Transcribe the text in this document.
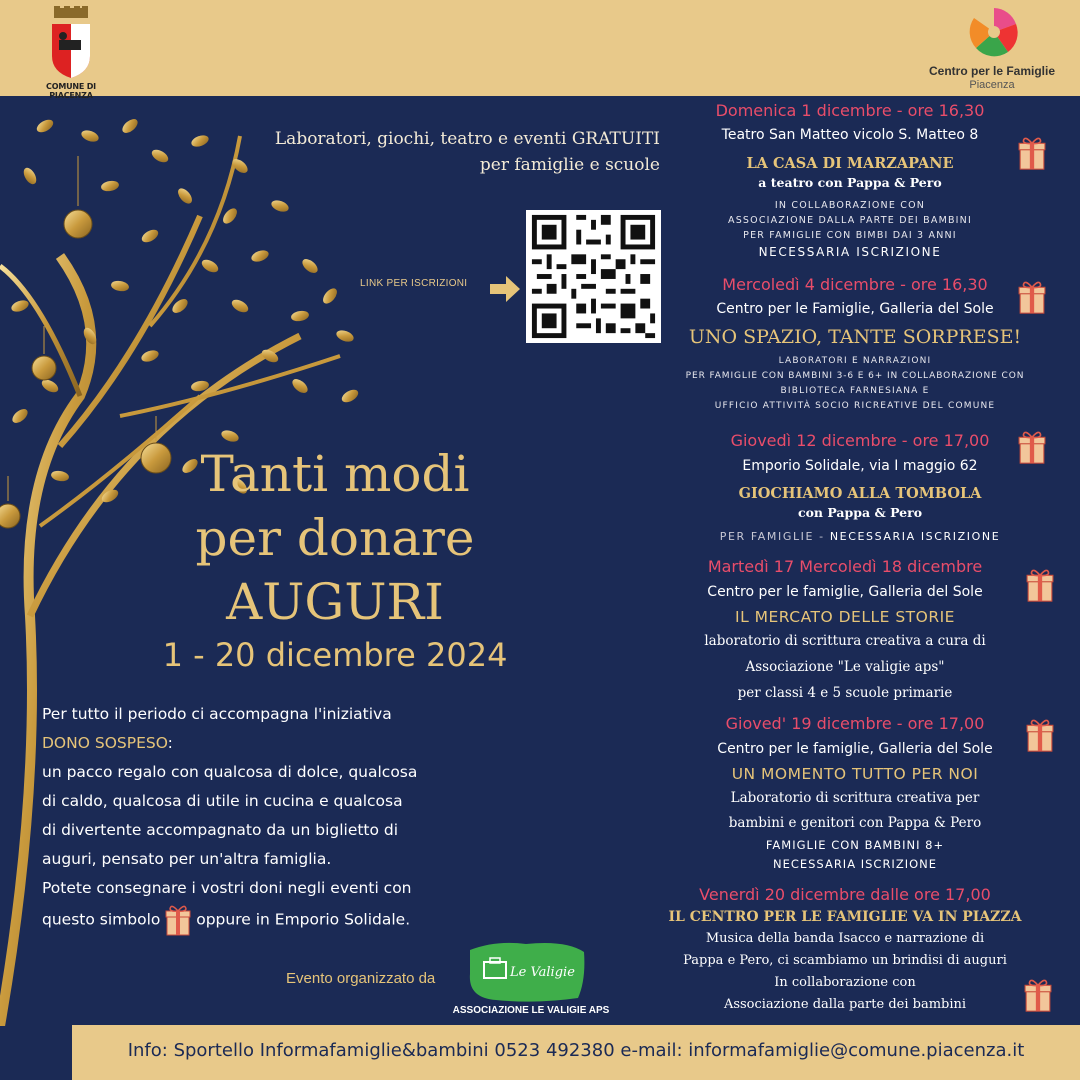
COMUNE DI PIACENZA
Centro per le Famiglie
Piacenza
Laboratori, giochi, teatro e eventi GRATUITI
per famiglie e scuole
LINK PER ISCRIZIONI
Tanti modi
per donare
AUGURI
1 - 20 dicembre 2024
Per tutto il periodo ci accompagna l'iniziativa
DONO SOSPESO:
un pacco regalo con qualcosa di dolce, qualcosa
di caldo, qualcosa di utile in cucina e qualcosa
di divertente accompagnato da un biglietto di
auguri, pensato per un'altra famiglia.
Potete consegnare i vostri doni negli eventi con
questo simbolo oppure in Emporio Solidale.
Evento organizzato da	Le Valigie
ASSOCIAZIONE LE VALIGIE APS
Domenica 1 dicembre - ore 16,30
Teatro San Matteo vicolo S. Matteo 8
LA CASA DI MARZAPANE
a teatro con Pappa & Pero
IN COLLABORAZIONE CON
ASSOCIAZIONE DALLA PARTE DEI BAMBINI
PER FAMIGLIE CON BIMBI DAI 3 ANNI
NECESSARIA ISCRIZIONE
Mercoledì 4 dicembre - ore 16,30
Centro per le Famiglie, Galleria del Sole
UNO SPAZIO, TANTE SORPRESE!
LABORATORI E NARRAZIONI
PER FAMIGLIE CON BAMBINI 3-6 E 6+ IN COLLABORAZIONE CON
BIBLIOTECA FARNESIANA E
UFFICIO ATTIVITÀ SOCIO RICREATIVE DEL COMUNE
Giovedì 12 dicembre - ore 17,00
Emporio Solidale, via I maggio 62
GIOCHIAMO ALLA TOMBOLA
con Pappa & Pero
PER FAMIGLIE - NECESSARIA ISCRIZIONE
Martedì 17 Mercoledì 18 dicembre
Centro per le famiglie, Galleria del Sole
IL MERCATO DELLE STORIE
laboratorio di scrittura creativa a cura di
Associazione "Le valigie aps"
per classi 4 e 5 scuole primarie
Gioved' 19 dicembre - ore 17,00
Centro per le famiglie, Galleria del Sole
UN MOMENTO TUTTO PER NOI
Laboratorio di scrittura creativa per
bambini e genitori con Pappa & Pero
FAMIGLIE CON BAMBINI 8+
NECESSARIA ISCRIZIONE
Venerdì 20 dicembre dalle ore 17,00
IL CENTRO PER LE FAMIGLIE VA IN PIAZZA
Musica della banda Isacco e narrazione di
Pappa e Pero, ci scambiamo un brindisi di auguri
In collaborazione con
Associazione dalla parte dei bambini
Info: Sportello Informafamiglie&bambini 0523 492380 e-mail: informafamiglie@comune.piacenza.it
